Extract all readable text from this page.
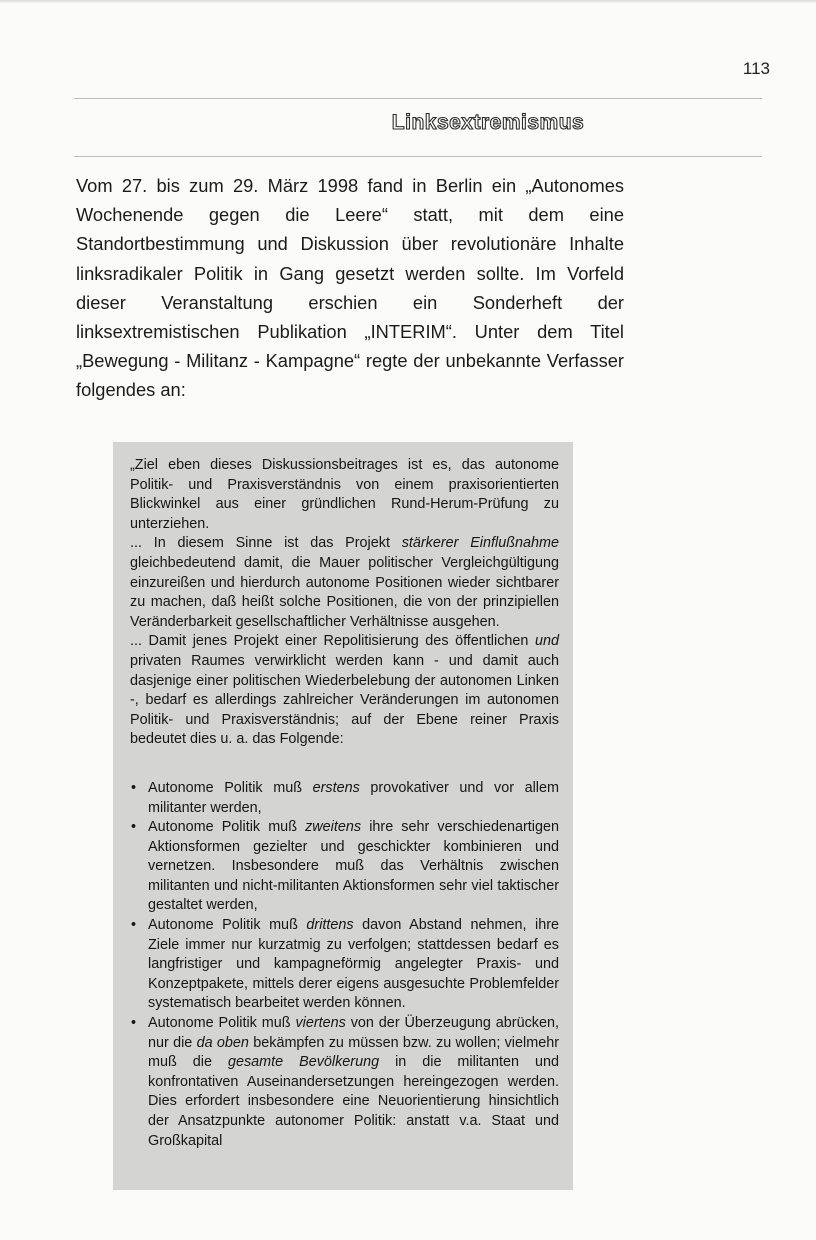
113
Linksextremismus

Vom 27. bis zum 29. März 1998 fand in Berlin ein „Autonomes Wochenende gegen die Leere“ statt, mit dem eine Standortbestimmung und Diskussion über revolutionäre Inhalte linksradikaler Politik in Gang gesetzt werden sollte. Im Vorfeld dieser Veranstaltung erschien ein Sonderheft der linksextremistischen Publikation „INTERIM“. Unter dem Titel „Bewegung - Militanz - Kampagne“ regte der unbekannte Verfasser folgendes an:

„Ziel eben dieses Diskussionsbeitrages ist es, das autonome Politik- und Praxisverständnis von einem praxisorientierten Blickwinkel aus einer gründlichen Rund-Herum-Prüfung zu unterziehen.

... In diesem Sinne ist das Projekt stärkerer Einflußnahme gleichbedeutend damit, die Mauer politischer Vergleichgültigung einzureißen und hierdurch autonome Positionen wieder sichtbarer zu machen, daß heißt solche Positionen, die von der prinzipiellen Veränderbarkeit gesellschaftlicher Verhältnisse ausgehen.

... Damit jenes Projekt einer Repolitisierung des öffentlichen und privaten Raumes verwirklicht werden kann - und damit auch dasjenige einer politischen Wiederbelebung der autonomen Linken -, bedarf es allerdings zahlreicher Veränderungen im autonomen Politik- und Praxisverständnis; auf der Ebene reiner Praxis bedeutet dies u. a. das Folgende:

• Autonome Politik muß erstens provokativer und vor allem militanter werden,
• Autonome Politik muß zweitens ihre sehr verschiedenartigen Aktionsformen gezielter und geschickter kombinieren und vernetzen. Insbesondere muß das Verhältnis zwischen militanten und nicht-militanten Aktionsformen sehr viel taktischer gestaltet werden,
• Autonome Politik muß drittens davon Abstand nehmen, ihre Ziele immer nur kurzatmig zu verfolgen; stattdessen bedarf es langfristiger und kampagneförmig angelegter Praxis- und Konzeptpakete, mittels derer eigens ausgesuchte Problemfelder systematisch bearbeitet werden können.
• Autonome Politik muß viertens von der Überzeugung abrücken, nur die da oben bekämpfen zu müssen bzw. zu wollen; vielmehr muß die gesamte Bevölkerung in die militanten und konfrontativen Auseinandersetzungen hereingezogen werden. Dies erfordert insbesondere eine Neuorientierung hinsichtlich der Ansatzpunkte autonomer Politik: anstatt v.a. Staat und Großkapital
